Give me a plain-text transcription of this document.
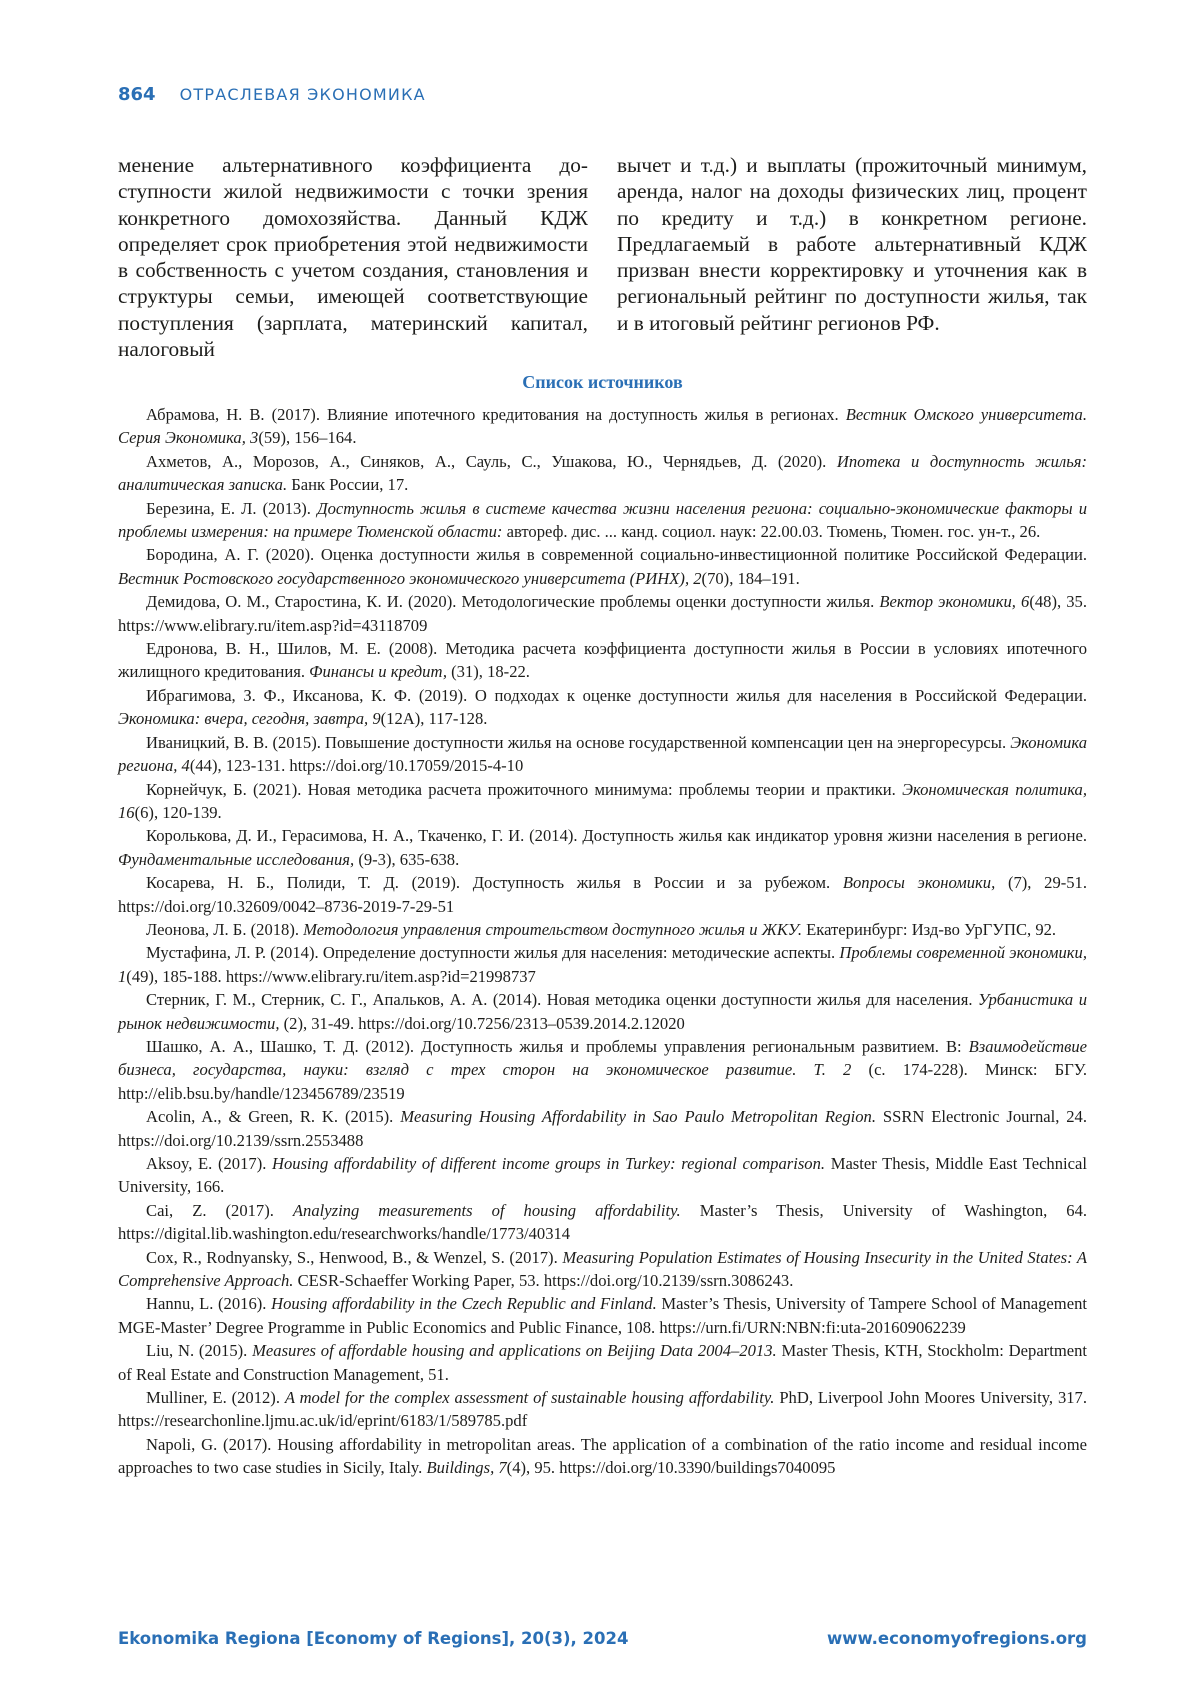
864 ОТРАСЛЕВАЯ ЭКОНОМИКА
менение альтернативного коэффициента до­ступности жилой недвижимости с точки зре­ния конкретного домохозяйства. Данный КДЖ определяет срок приобретения этой не­движимости в собственность с учетом соз­дания, становления и структуры семьи, име­ющей соответствующие поступления (зар­плата, материнский капитал, налоговый
вычет и т.д.) и выплаты (прожиточный ми­нимум, аренда, налог на доходы физических лиц, процент по кредиту и т.д.) в конкретном регионе. Предлагаемый в работе альтерна­тивный КДЖ призван внести корректировку и уточнения как в региональный рейтинг по доступности жилья, так и в итоговый рей­тинг регионов РФ.
Список источников

Абрамова, Н. В. (2017). Влияние ипотечного кредитования на доступность жилья в регионах. Вестник Омского университета. Серия Экономика, 3(59), 156–164.

Ахметов, А., Морозов, А., Синяков, А., Сауль, С., Ушакова, Ю., Чернядьев, Д. (2020). Ипотека и доступность жилья: аналитическая записка. Банк России, 17.

Березина, Е. Л. (2013). Доступность жилья в системе качества жизни населения региона: социально-эконо­мические факторы и проблемы измерения: на примере Тюменской области: автореф. дис. ... канд. социол. наук: 22.00.03. Тюмень, Тюмен. гос. ун-т., 26.

Бородина, А. Г. (2020). Оценка доступности жилья в современной социально-инвестиционной политике Российской Федерации. Вестник Ростовского государственного экономического университета (РИНХ), 2(70), 184–191.

Демидова, О. М., Старостина, К. И. (2020). Методологические проблемы оценки доступности жилья. Вектор экономики, 6(48), 35. https://www.elibrary.ru/item.asp?id=43118709

Едронова, В. Н., Шилов, М. Е. (2008). Методика расчета коэффициента доступности жилья в России в условиях ипотечного жилищного кредитования. Финансы и кредит, (31), 18-22.

Ибрагимова, З. Ф., Иксанова, К. Ф. (2019). О подходах к оценке доступности жилья для населения в Российской Федерации. Экономика: вчера, сегодня, завтра, 9(12А), 117-128.

Иваницкий, В. В. (2015). Повышение доступности жилья на основе государственной компенсации цен на энергоресурсы. Экономика региона, 4(44), 123-131. https://doi.org/10.17059/2015-4-10

Корнейчук, Б. (2021). Новая методика расчета прожиточного минимума: проблемы теории и практики. Экономическая политика, 16(6), 120-139.

Королькова, Д. И., Герасимова, Н. А., Ткаченко, Г. И. (2014). Доступность жилья как индикатор уровня жизни населения в регионе. Фундаментальные исследования, (9-3), 635-638.

Косарева, Н. Б., Полиди, Т. Д. (2019). Доступность жилья в России и за рубежом. Вопросы экономики, (7), 29-51. https://doi.org/10.32609/0042–8736-2019-7-29-51

Леонова, Л. Б. (2018). Методология управления строительством доступного жилья и ЖКУ. Екатеринбург: Изд-во УрГУПС, 92.

Мустафина, Л. Р. (2014). Определение доступности жилья для населения: методические аспекты. Проблемы со­временной экономики, 1(49), 185-188. https://www.elibrary.ru/item.asp?id=21998737

Стерник, Г. М., Стерник, С. Г., Апальков, А. А. (2014). Новая методика оценки доступности жилья для населения. Урбанистика и рынок недвижимости, (2), 31-49. https://doi.org/10.7256/2313–0539.2014.2.12020

Шашко, А. А., Шашко, Т. Д. (2012). Доступность жилья и проблемы управления региональным развитием. В: Взаимодействие бизнеса, государства, науки: взгляд с трех сторон на экономическое развитие. Т. 2 (с. 174-228). Минск: БГУ. http://elib.bsu.by/handle/123456789/23519

Acolin, A., & Green, R. K. (2015). Measuring Housing Affordability in Sao Paulo Metropolitan Region. SSRN Electronic Journal, 24. https://doi.org/10.2139/ssrn.2553488

Aksoy, E. (2017). Housing affordability of different income groups in Turkey: regional comparison. Master Thesis, Middle East Technical University, 166.

Cai, Z. (2017). Analyzing measurements of housing affordability. Master’s Thesis, University of Washington, 64. https://digital.lib.washington.edu/researchworks/handle/1773/40314

Cox, R., Rodnyansky, S., Henwood, B., & Wenzel, S. (2017). Measuring Population Estimates of Housing Insecurity in the United States: A Comprehensive Approach. CESR-Schaeffer Working Paper, 53. https://doi.org/10.2139/ssrn.3086243.

Hannu, L. (2016). Housing affordability in the Czech Republic and Finland. Master’s Thesis, University of Tampere School of Management MGE-Master’ Degree Programme in Public Economics and Public Finance, 108. https://urn.fi/URN:NBN:fi:uta-201609062239

Liu, N. (2015). Measures of affordable housing and applications on Beijing Data 2004–2013. Master Thesis, KTH, Stockholm: Department of Real Estate and Construction Management, 51.

Mulliner, E. (2012). A model for the complex assessment of sustainable housing affordability. PhD, Liverpool John Moores University, 317. https://researchonline.ljmu.ac.uk/id/eprint/6183/1/589785.pdf

Napoli, G. (2017). Housing affordability in metropolitan areas. The application of a combination of the ratio income and residual income approaches to two case studies in Sicily, Italy. Buildings, 7(4), 95. https://doi.org/10.3390/build­ings7040095

Ekonomika Regiona [Economy of Regions], 20(3), 2024	www.economyofregions.org
